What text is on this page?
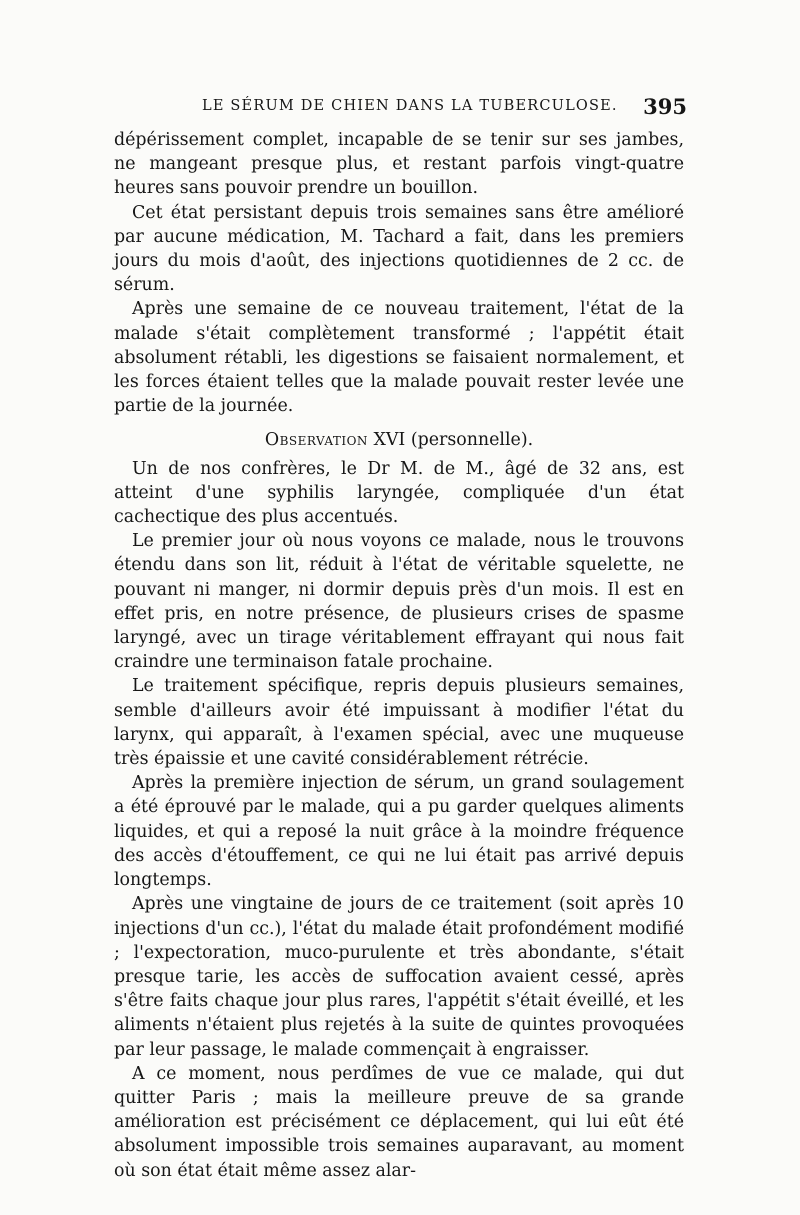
LE SÉRUM DE CHIEN DANS LA TUBERCULOSE. 395

dépérissement complet, incapable de se tenir sur ses jambes, ne mangeant presque plus, et restant parfois vingt-quatre heures sans pouvoir prendre un bouillon.

Cet état persistant depuis trois semaines sans être amélioré par aucune médication, M. Tachard a fait, dans les premiers jours du mois d'août, des injections quotidiennes de 2 cc. de sérum.

Après une semaine de ce nouveau traitement, l'état de la malade s'était complètement transformé ; l'appétit était absolument rétabli, les digestions se faisaient normalement, et les forces étaient telles que la malade pouvait rester levée une partie de la journée.

Observation XVI (personnelle).

Un de nos confrères, le Dr M. de M., âgé de 32 ans, est atteint d'une syphilis laryngée, compliquée d'un état cachectique des plus accentués.

Le premier jour où nous voyons ce malade, nous le trouvons étendu dans son lit, réduit à l'état de véritable squelette, ne pouvant ni manger, ni dormir depuis près d'un mois. Il est en effet pris, en notre présence, de plusieurs crises de spasme laryngé, avec un tirage véritablement effrayant qui nous fait craindre une terminaison fatale prochaine.

Le traitement spécifique, repris depuis plusieurs semaines, semble d'ailleurs avoir été impuissant à modifier l'état du larynx, qui apparaît, à l'examen spécial, avec une muqueuse très épaissie et une cavité considérablement rétrécie.

Après la première injection de sérum, un grand soulagement a été éprouvé par le malade, qui a pu garder quelques aliments liquides, et qui a reposé la nuit grâce à la moindre fréquence des accès d'étouffement, ce qui ne lui était pas arrivé depuis longtemps.

Après une vingtaine de jours de ce traitement (soit après 10 injections d'un cc.), l'état du malade était profondément modifié ; l'expectoration, muco-purulente et très abondante, s'était presque tarie, les accès de suffocation avaient cessé, après s'être faits chaque jour plus rares, l'appétit s'était éveillé, et les aliments n'étaient plus rejetés à la suite de quintes provoquées par leur passage, le malade commençait à engraisser.

A ce moment, nous perdîmes de vue ce malade, qui dut quitter Paris ; mais la meilleure preuve de sa grande amélioration est précisément ce déplacement, qui lui eût été absolument impossible trois semaines auparavant, au moment où son état était même assez alar-
